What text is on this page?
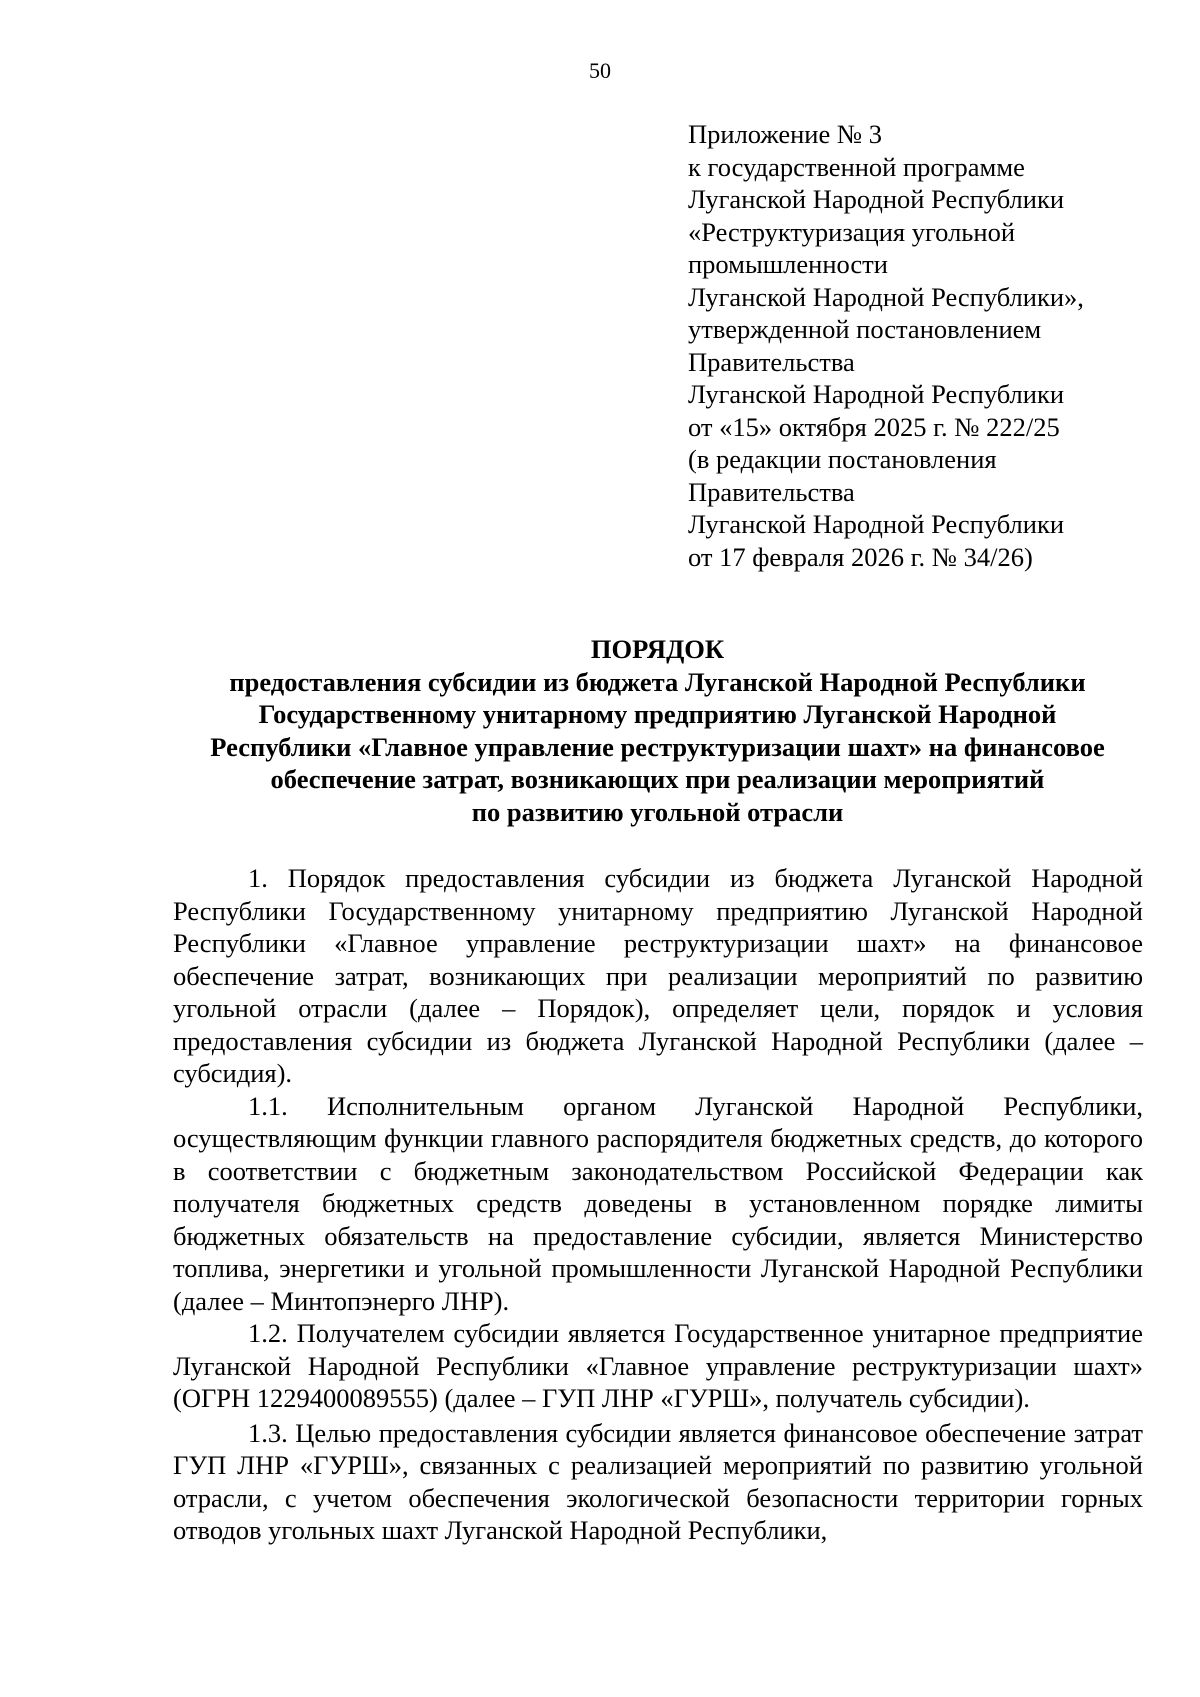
50
Приложение № 3
к государственной программе
Луганской Народной Республики
«Реструктуризация угольной
промышленности
Луганской Народной Республики»,
утвержденной постановлением
Правительства
Луганской Народной Республики
от «15» октября 2025 г. № 222/25
(в редакции постановления
Правительства
Луганской Народной Республики
от 17 февраля 2026 г. № 34/26)
ПОРЯДОК
предоставления субсидии из бюджета Луганской Народной Республики
Государственному унитарному предприятию Луганской Народной
Республики «Главное управление реструктуризации шахт» на финансовое
обеспечение затрат, возникающих при реализации мероприятий
по развитию угольной отрасли

1. Порядок предоставления субсидии из бюджета Луганской Народной Республики Государственному унитарному предприятию Луганской Народной Республики «Главное управление реструктуризации шахт» на финансовое обеспечение затрат, возникающих при реализации мероприятий по развитию угольной отрасли (далее – Порядок), определяет цели, порядок и условия предоставления субсидии из бюджета Луганской Народной Республики (далее – субсидия).

1.1. Исполнительным органом Луганской Народной Республики, осуществляющим функции главного распорядителя бюджетных средств, до которого в соответствии с бюджетным законодательством Российской Федерации как получателя бюджетных средств доведены в установленном порядке лимиты бюджетных обязательств на предоставление субсидии, является Министерство топлива, энергетики и угольной промышленности Луганской Народной Республики (далее – Минтопэнерго ЛНР).

1.2. Получателем субсидии является Государственное унитарное предприятие Луганской Народной Республики «Главное управление реструктуризации шахт» (ОГРН 1229400089555) (далее – ГУП ЛНР «ГУРШ», получатель субсидии).

1.3. Целью предоставления субсидии является финансовое обеспечение затрат ГУП ЛНР «ГУРШ», связанных с реализацией мероприятий по развитию угольной отрасли, с учетом обеспечения экологической безопасности территории горных отводов угольных шахт Луганской Народной Республики,
